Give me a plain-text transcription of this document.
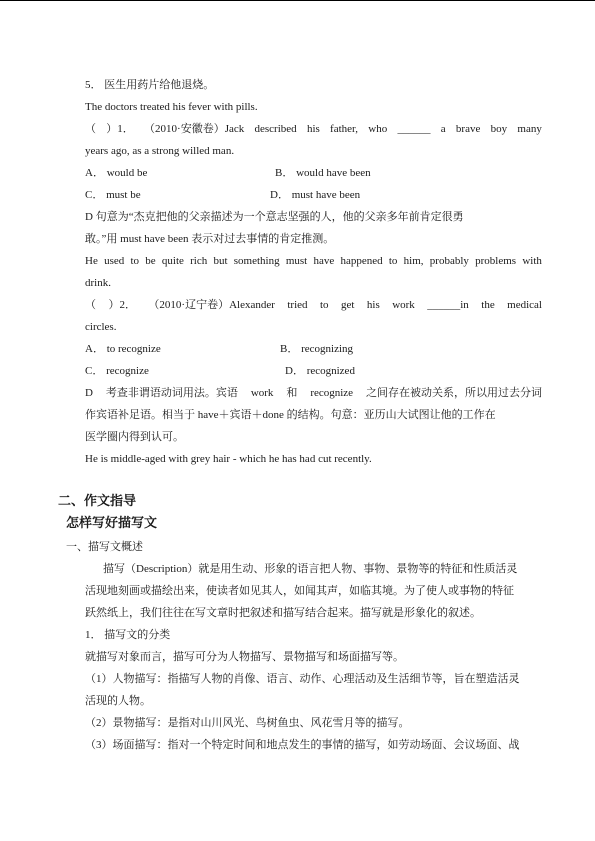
5． 医生用药片给他退烧。
The doctors treated his fever with pills.
（ ）1． （2010·安徽卷）Jack described his father, who ______ a brave boy many
years ago, as a strong willed man.
A． would be	B． would have been
C． must be	D． must have been
D 句意为“杰克把他的父亲描述为一个意志坚强的人，他的父亲多年前肯定很勇
敢。”用 must have been 表示对过去事情的肯定推测。
He used to be quite rich but something must have happened to him, probably problems with
drink.
（ ）2． （2010·辽宁卷）Alexander tried to get his work ______in the medical
circles.
A． to recognize	B． recognizing
C． recognize	D． recognized
D 考查非谓语动词用法。宾语 work 和 recognize 之间存在被动关系，所以用过去分词
作宾语补足语。相当于 have＋宾语＋done 的结构。句意：亚历山大试图让他的工作在
医学圈内得到认可。
He is middle-aged with grey hair - which he has had cut recently.
二、作文指导
怎样写好描写文
一、描写文概述
描写（Description）就是用生动、形象的语言把人物、事物、景物等的特征和性质活灵
活现地刻画或描绘出来，使读者如见其人，如闻其声，如临其境。为了使人或事物的特征
跃然纸上，我们往往在写文章时把叙述和描写结合起来。描写就是形象化的叙述。
1． 描写文的分类
就描写对象而言，描写可分为人物描写、景物描写和场面描写等。
（1）人物描写：指描写人物的肖像、语言、动作、心理活动及生活细节等，旨在塑造活灵
活现的人物。
（2）景物描写：是指对山川风光、鸟树鱼虫、风花雪月等的描写。
（3）场面描写：指对一个特定时间和地点发生的事情的描写，如劳动场面、会议场面、战
